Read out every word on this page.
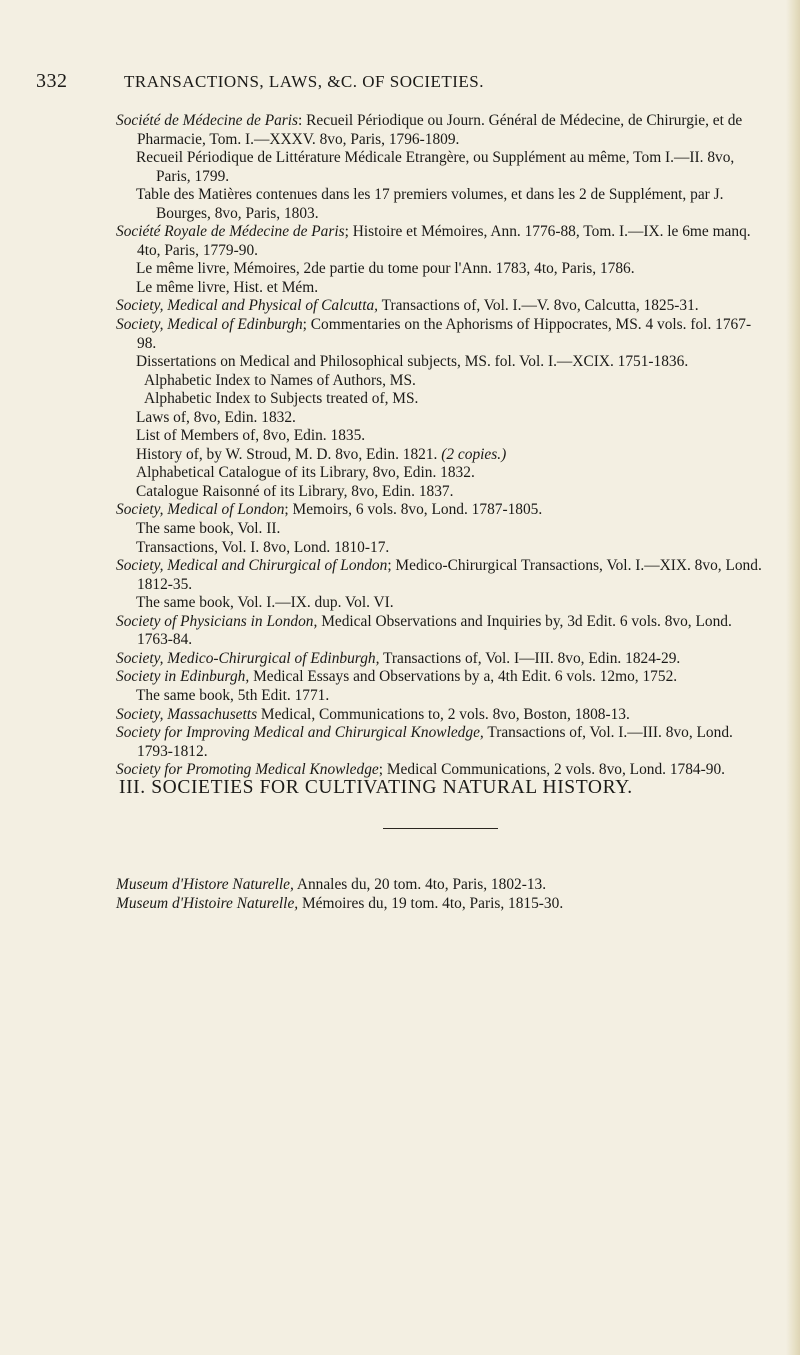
332	TRANSACTIONS, LAWS, &C. OF SOCIETIES.
Société de Médecine de Paris: Recueil Périodique ou Journ. Général de Médecine, de Chirurgie, et de Pharmacie, Tom. I.—XXXV. 8vo, Paris, 1796-1809.
Recueil Périodique de Littérature Médicale Etrangère, ou Supplément au même, Tom I.—II. 8vo, Paris, 1799.
Table des Matières contenues dans les 17 premiers volumes, et dans les 2 de Supplément, par J. Bourges, 8vo, Paris, 1803.
Société Royale de Médecine de Paris; Histoire et Mémoires, Ann. 1776-88, Tom. I.—IX. le 6me manq. 4to, Paris, 1779-90.
Le même livre, Mémoires, 2de partie du tome pour l'Ann. 1783, 4to, Paris, 1786.
Le même livre, Hist. et Mém.
Society, Medical and Physical of Calcutta, Transactions of, Vol. I.—V. 8vo, Calcutta, 1825-31.
Society, Medical of Edinburgh; Commentaries on the Aphorisms of Hippocrates, MS. 4 vols. fol. 1767-98.
Dissertations on Medical and Philosophical subjects, MS. fol. Vol. I.—XCIX. 1751-1836.
Alphabetic Index to Names of Authors, MS.
Alphabetic Index to Subjects treated of, MS.
Laws of, 8vo, Edin. 1832.
List of Members of, 8vo, Edin. 1835.
History of, by W. Stroud, M. D. 8vo, Edin. 1821. (2 copies.)
Alphabetical Catalogue of its Library, 8vo, Edin. 1832.
Catalogue Raisonné of its Library, 8vo, Edin. 1837.
Society, Medical of London; Memoirs, 6 vols. 8vo, Lond. 1787-1805.
The same book, Vol. II.
Transactions, Vol. I. 8vo, Lond. 1810-17.
Society, Medical and Chirurgical of London; Medico-Chirurgical Transactions, Vol. I.—XIX. 8vo, Lond. 1812-35.
The same book, Vol. I.—IX. dup. Vol. VI.
Society of Physicians in London, Medical Observations and Inquiries by, 3d Edit. 6 vols. 8vo, Lond. 1763-84.
Society, Medico-Chirurgical of Edinburgh, Transactions of, Vol. I—III. 8vo, Edin. 1824-29.
Society in Edinburgh, Medical Essays and Observations by a, 4th Edit. 6 vols. 12mo, 1752.
The same book, 5th Edit. 1771.
Society, Massachusetts Medical, Communications to, 2 vols. 8vo, Boston, 1808-13.
Society for Improving Medical and Chirurgical Knowledge, Transactions of, Vol. I.—III. 8vo, Lond. 1793-1812.
Society for Promoting Medical Knowledge; Medical Communications, 2 vols. 8vo, Lond. 1784-90.
III. SOCIETIES FOR CULTIVATING NATURAL HISTORY.
Museum d'Histore Naturelle, Annales du, 20 tom. 4to, Paris, 1802-13.
Museum d'Histoire Naturelle, Mémoires du, 19 tom. 4to, Paris, 1815-30.
